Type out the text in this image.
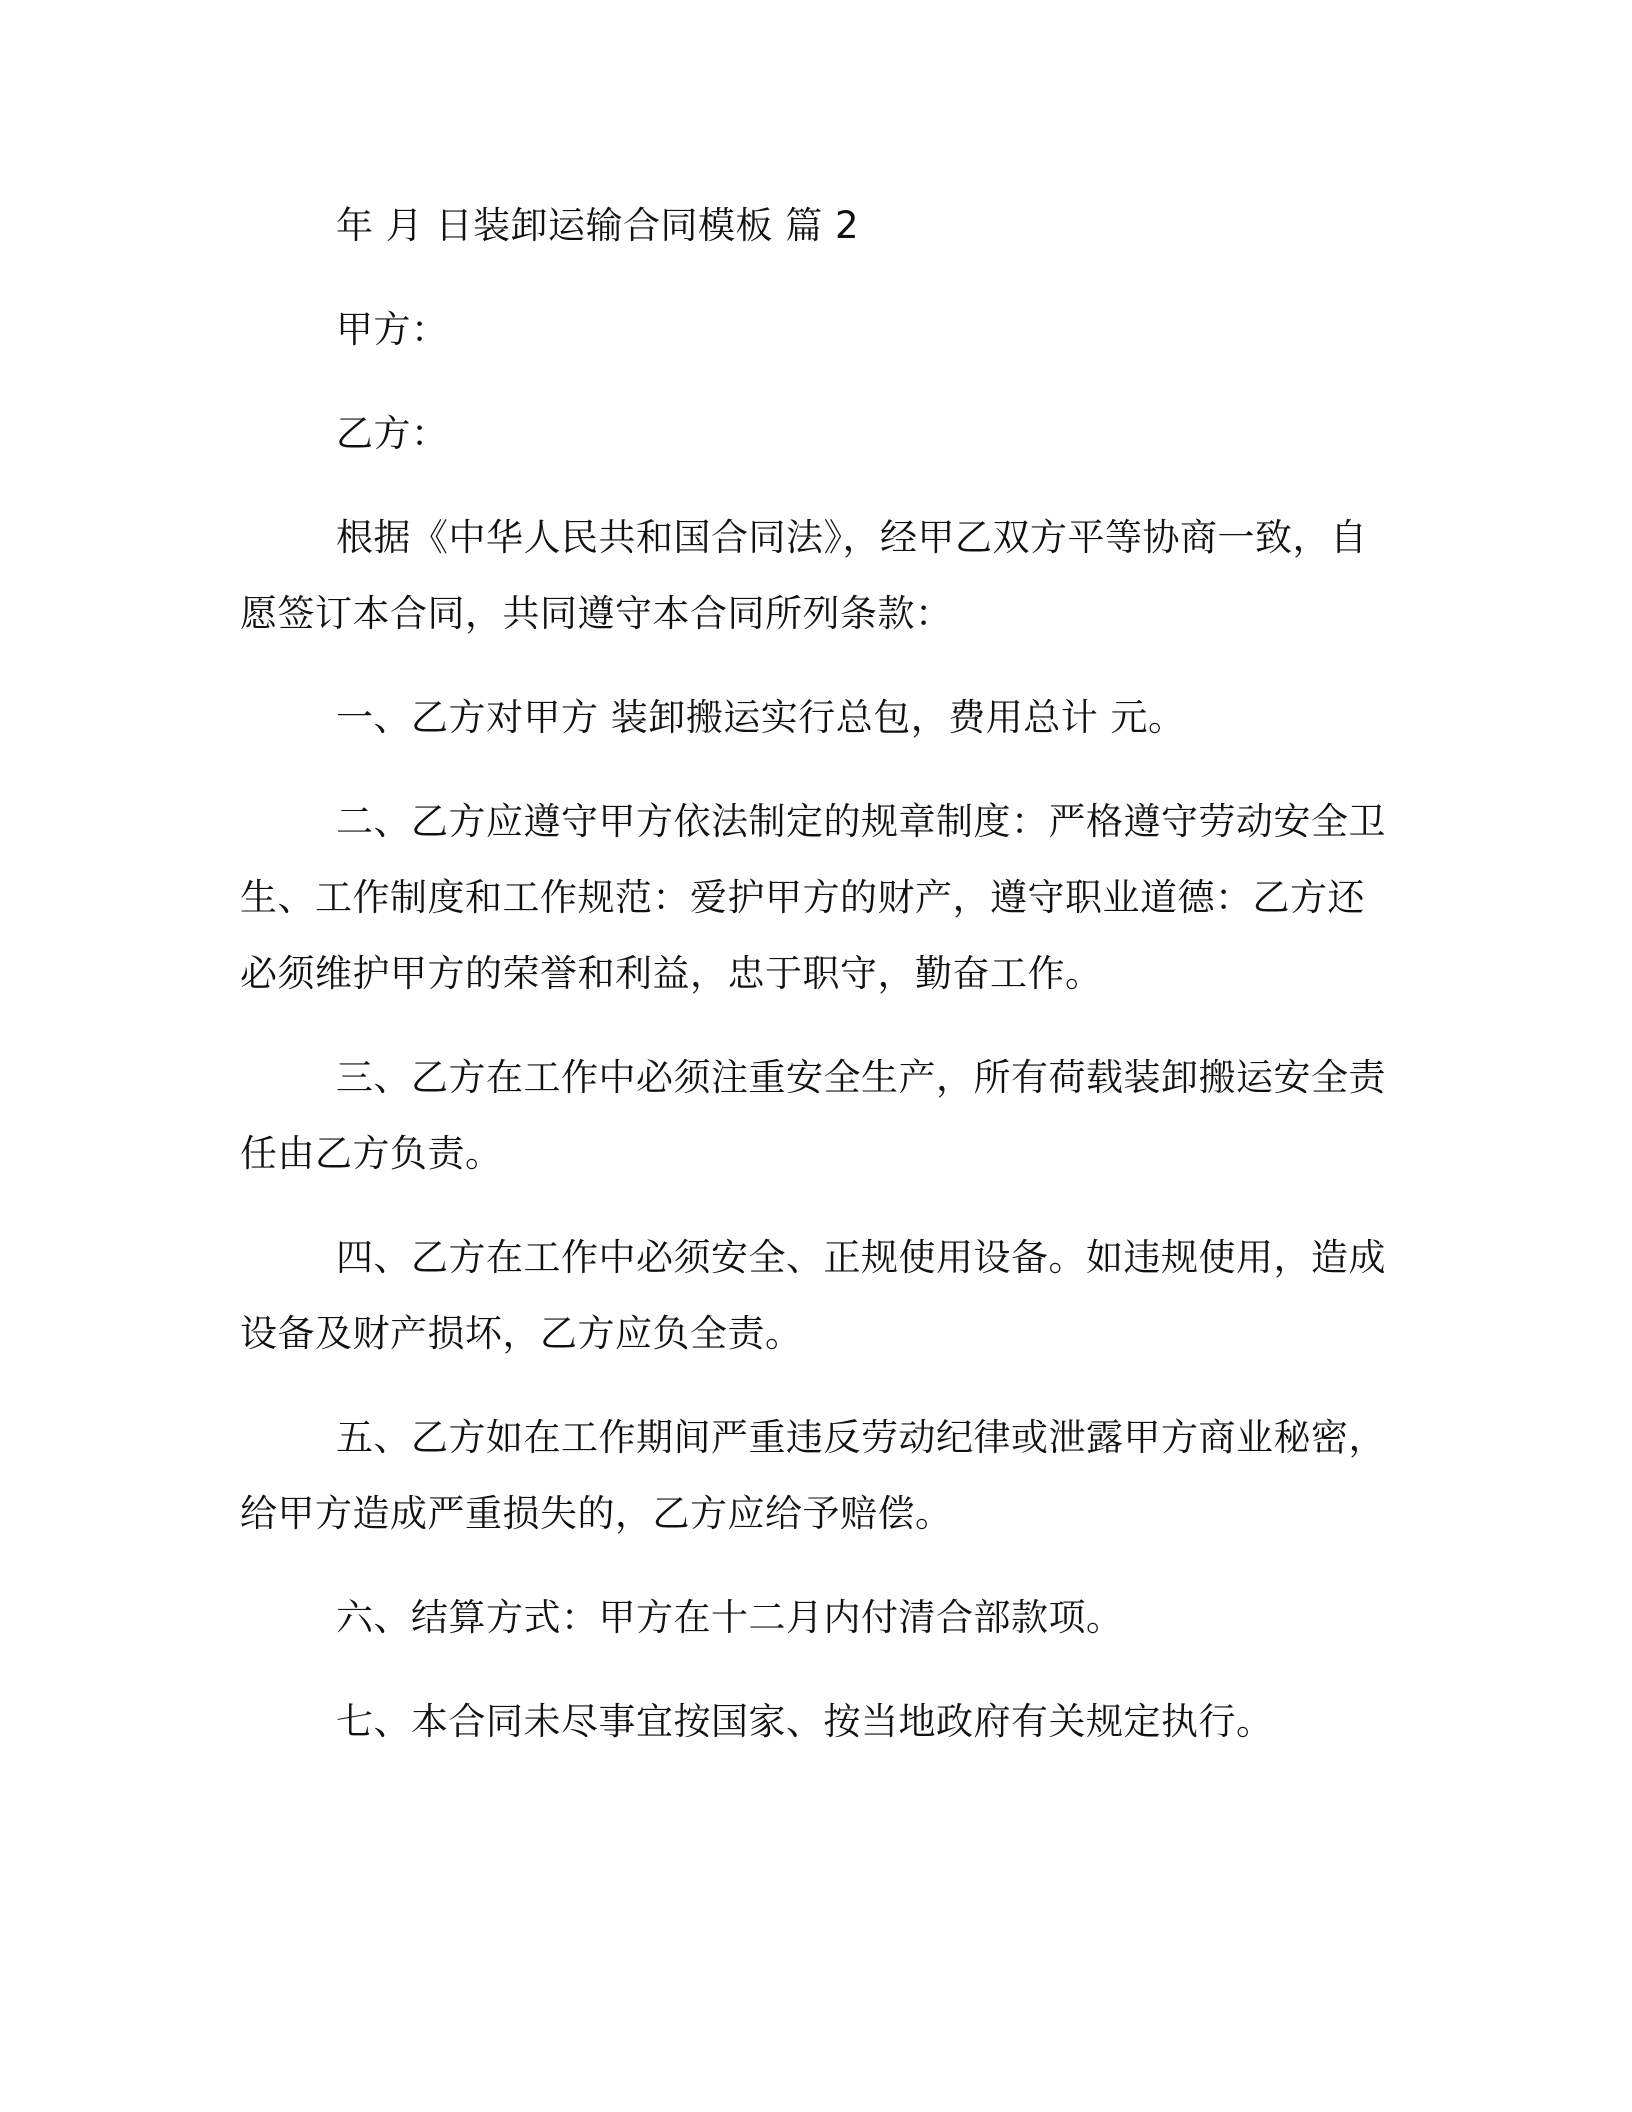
年 月 日装卸运输合同模板 篇 2

甲方：

乙方：

根据《中华人民共和国合同法》，经甲乙双方平等协商一致，自愿签订本合同，共同遵守本合同所列条款：

一、乙方对甲方 装卸搬运实行总包，费用总计 元。

二、乙方应遵守甲方依法制定的规章制度：严格遵守劳动安全卫生、工作制度和工作规范：爱护甲方的财产，遵守职业道德：乙方还必须维护甲方的荣誉和利益，忠于职守，勤奋工作。

三、乙方在工作中必须注重安全生产，所有荷载装卸搬运安全责任由乙方负责。

四、乙方在工作中必须安全、正规使用设备。如违规使用，造成设备及财产损坏，乙方应负全责。

五、乙方如在工作期间严重违反劳动纪律或泄露甲方商业秘密，给甲方造成严重损失的，乙方应给予赔偿。

六、结算方式：甲方在十二月内付清合部款项。

七、本合同未尽事宜按国家、按当地政府有关规定执行。
